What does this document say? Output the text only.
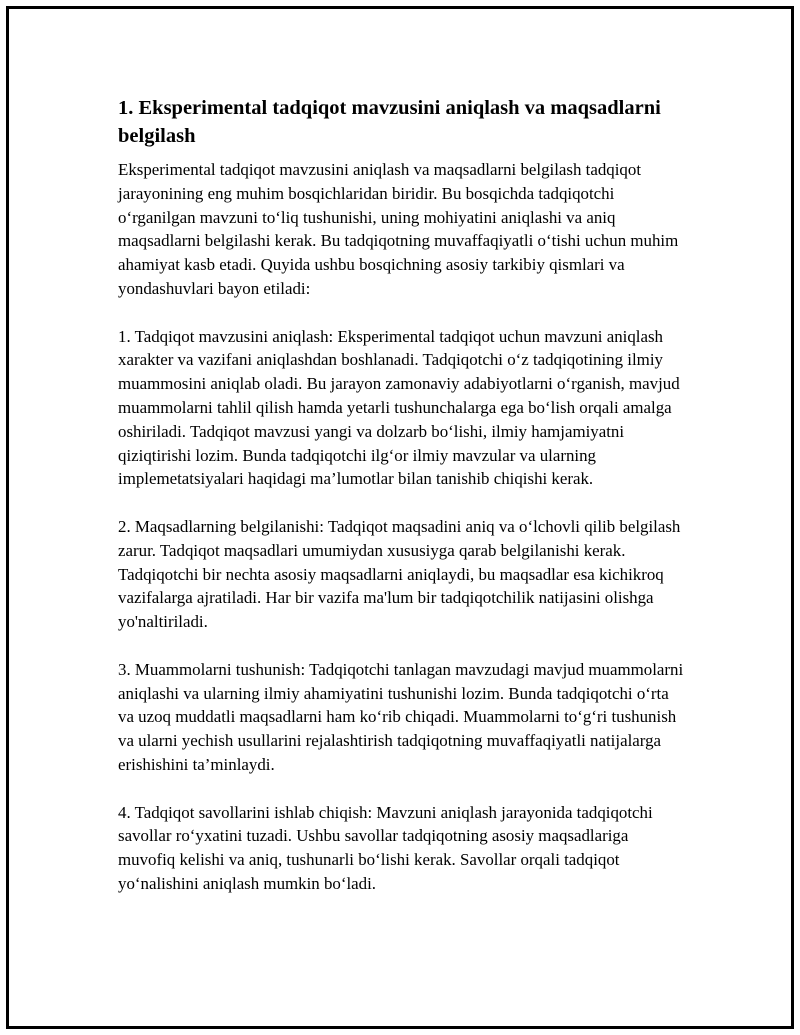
1. Eksperimental tadqiqot mavzusini aniqlash va maqsadlarni belgilash

Eksperimental tadqiqot mavzusini aniqlash va maqsadlarni belgilash tadqiqot jarayonining eng muhim bosqichlaridan biridir. Bu bosqichda tadqiqotchi o‘rganilgan mavzuni to‘liq tushunishi, uning mohiyatini aniqlashi va aniq maqsadlarni belgilashi kerak. Bu tadqiqotning muvaffaqiyatli o‘tishi uchun muhim ahamiyat kasb etadi. Quyida ushbu bosqichning asosiy tarkibiy qismlari va yondashuvlari bayon etiladi:

1. Tadqiqot mavzusini aniqlash: Eksperimental tadqiqot uchun mavzuni aniqlash xarakter va vazifani aniqlashdan boshlanadi. Tadqiqotchi o‘z tadqiqotining ilmiy muammosini aniqlab oladi. Bu jarayon zamonaviy adabiyotlarni o‘rganish, mavjud muammolarni tahlil qilish hamda yetarli tushunchalarga ega bo‘lish orqali amalga oshiriladi. Tadqiqot mavzusi yangi va dolzarb bo‘lishi, ilmiy hamjamiyatni qiziqtirishi lozim. Bunda tadqiqotchi ilg‘or ilmiy mavzular va ularning implemetatsiyalari haqidagi ma’lumotlar bilan tanishib chiqishi kerak.

2. Maqsadlarning belgilanishi: Tadqiqot maqsadini aniq va o‘lchovli qilib belgilash zarur. Tadqiqot maqsadlari umumiydan xususiyga qarab belgilanishi kerak. Tadqiqotchi bir nechta asosiy maqsadlarni aniqlaydi, bu maqsadlar esa kichikroq vazifalarga ajratiladi. Har bir vazifa ma'lum bir tadqiqotchilik natijasini olishga yo'naltiriladi.

3. Muammolarni tushunish: Tadqiqotchi tanlagan mavzudagi mavjud muammolarni aniqlashi va ularning ilmiy ahamiyatini tushunishi lozim. Bunda tadqiqotchi o‘rta va uzoq muddatli maqsadlarni ham ko‘rib chiqadi. Muammolarni to‘g‘ri tushunish va ularni yechish usullarini rejalashtirish tadqiqotning muvaffaqiyatli natijalarga erishishini ta’minlaydi.

4. Tadqiqot savollarini ishlab chiqish: Mavzuni aniqlash jarayonida tadqiqotchi savollar ro‘yxatini tuzadi. Ushbu savollar tadqiqotning asosiy maqsadlariga muvofiq kelishi va aniq, tushunarli bo‘lishi kerak. Savollar orqali tadqiqot yo‘nalishini aniqlash mumkin bo‘ladi.
